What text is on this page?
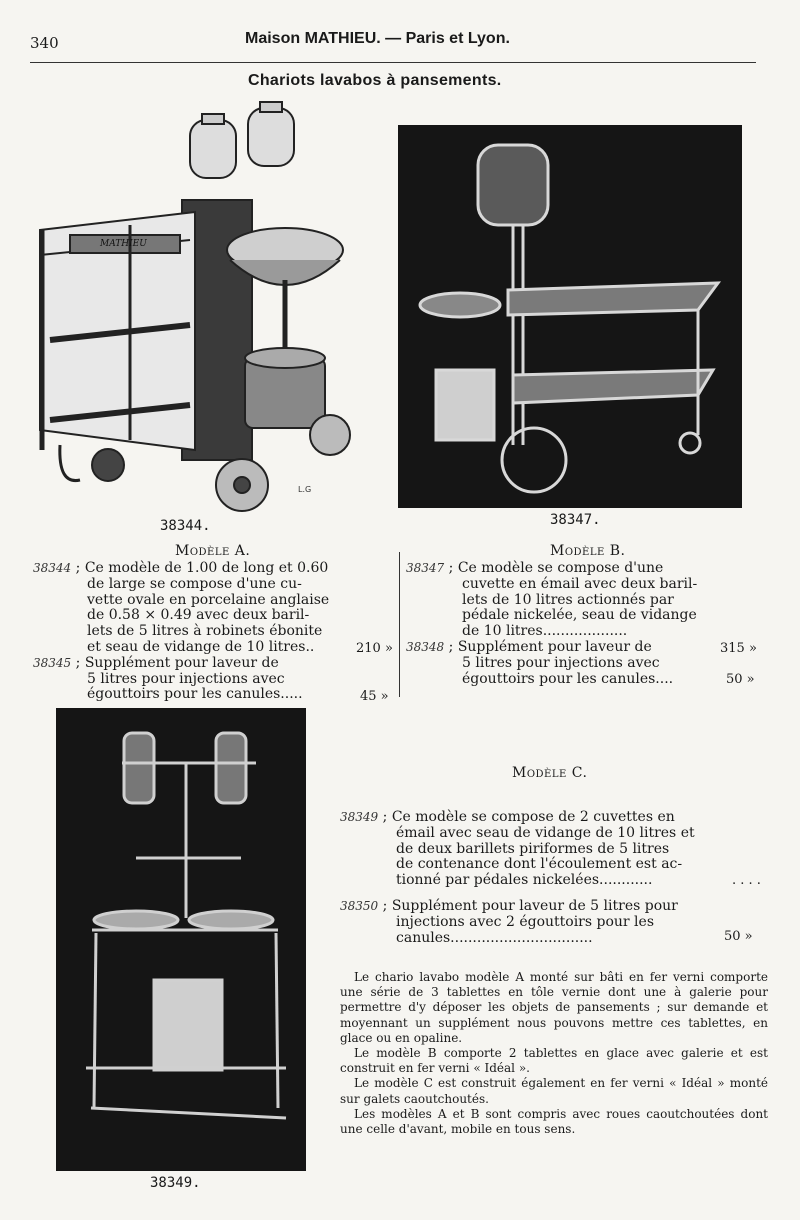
340	Maison MATHIEU. — Paris et Lyon.
Chariots lavabos à pansements.
MATHIEU
L.G
38344.	38347.
Modèle A.
38344 ; Ce modèle de 1.00 de long et 0.60
de large se compose d'une cu-
vette ovale en porcelaine anglaise
de 0.58 × 0.49 avec deux baril-
lets de 5 litres à robinets ébonite
et seau de vidange de 10 litres..
38345 ; Supplément pour laveur de
5 litres pour injections avec
égouttoirs pour les canules.....
210 »
45 »
Modèle B.
38347 ; Ce modèle se compose d'une
cuvette en émail avec deux baril-
lets de 10 litres actionnés par
pédale nickelée, seau de vidange
de 10 litres...................
38348 ; Supplément pour laveur de
5 litres pour injections avec
égouttoirs pour les canules....
315 »
50 »
38349.
Modèle C.
38349 ; Ce modèle se compose de 2 cuvettes en
émail avec seau de vidange de 10 litres et
de deux barillets piriformes de 5 litres
de contenance dont l'écoulement est ac-
tionné par pédales nickelées............
38350 ; Supplément pour laveur de 5 litres pour
injections avec 2 égouttoirs pour les
canules................................
. . . .
50 »
Le chario lavabo modèle A monté sur bâti en fer verni comporte une série de 3 tablettes en tôle vernie dont une à galerie pour permettre d'y déposer les objets de pansements ; sur demande et moyennant un supplément nous pouvons mettre ces tablettes, en glace ou en opaline.
Le modèle B comporte 2 tablettes en glace avec galerie et est construit en fer verni « Idéal ».
Le modèle C est construit également en fer verni « Idéal » monté sur galets caoutchoutés.
Les modèles A et B sont compris avec roues caoutchoutées dont une celle d'avant, mobile en tous sens.
